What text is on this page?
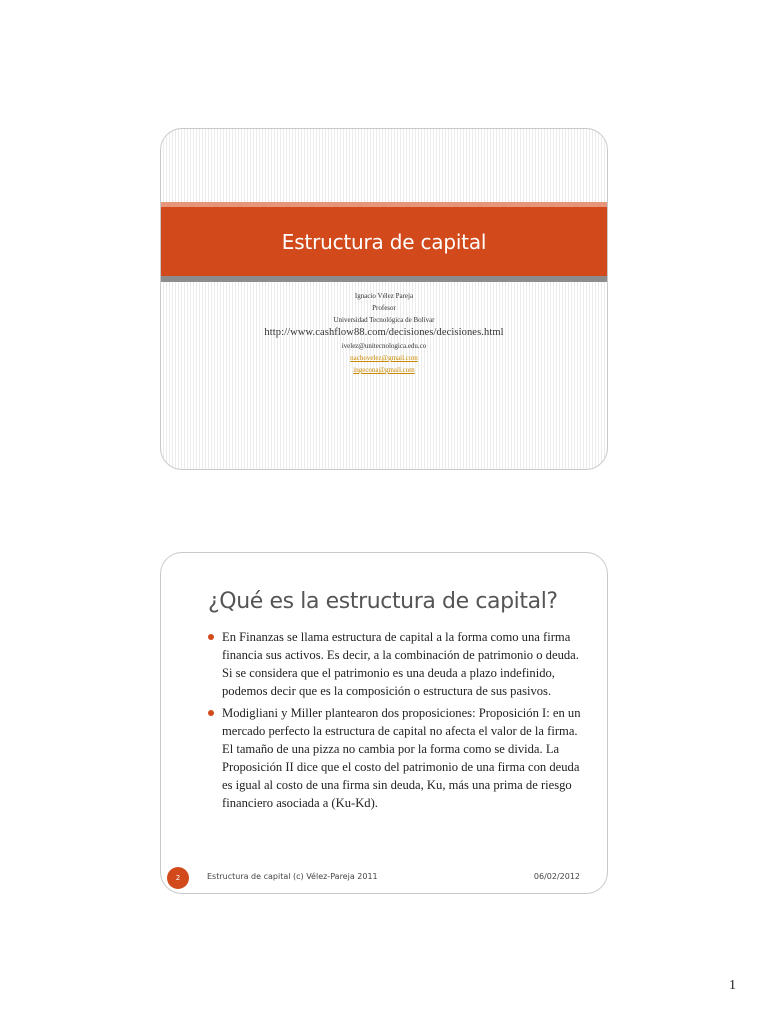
Estructura de capital
Ignacio Vélez Pareja
Profesor
Universidad Tecnológica de Bolívar
http://www.cashflow88.com/decisiones/decisiones.html
ivelez@unitecnologica.edu.co
nachovelez@gmail.com
ingecona@gmail.com
¿Qué es la estructura de capital?
En Finanzas se llama estructura de capital a la forma como una firma financia sus activos. Es decir, a la combinación de patrimonio o deuda. Si se considera que el patrimonio es una deuda a plazo indefinido, podemos decir que es la composición o estructura de sus pasivos.
Modigliani y Miller plantearon dos proposiciones: Proposición I: en un mercado perfecto la estructura de capital no afecta el valor de la firma. El tamaño de una pizza no cambia por la forma como se divida. La Proposición II dice que el costo del patrimonio de una firma con deuda es igual al costo de una firma sin deuda, Ku, más una prima de riesgo financiero asociada a (Ku-Kd).
2	Estructura de capital (c) Vélez-Pareja 2011	06/02/2012
1
